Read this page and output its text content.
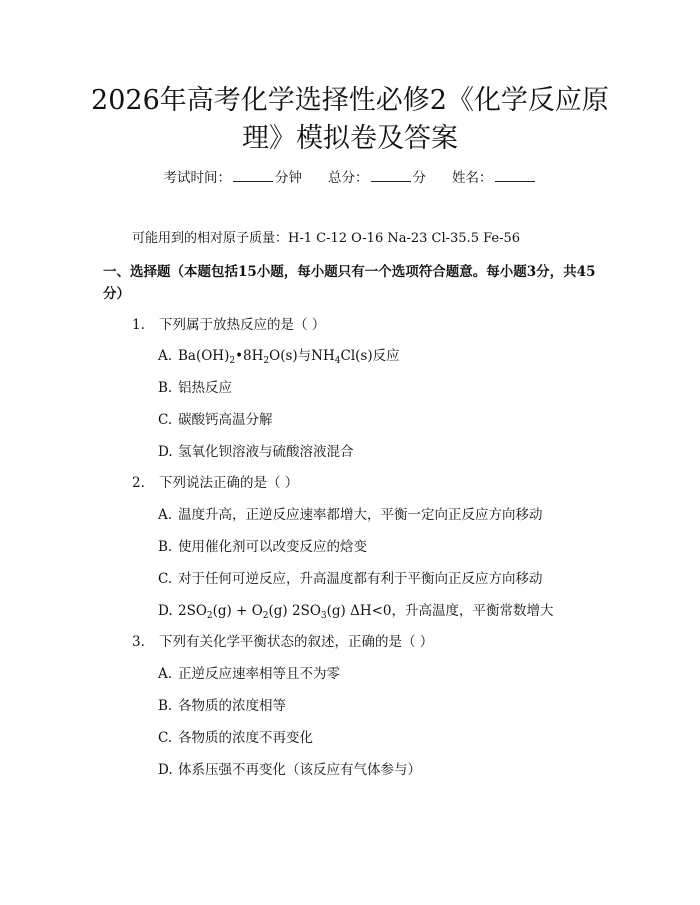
2026年高考化学选择性必修2《化学反应原
理》模拟卷及答案
考试时间：	分钟 总分：	分 姓名：
可能用到的相对原子质量：H-1 C-12 O-16 Na-23 Cl-35.5 Fe-56
一、选择题（本题包括15小题，每小题只有一个选项符合题意。每小题3分，共45分）
1. 下列属于放热反应的是（ ）
A. $Ba(OH)_2•8H_2O(s)$与$NH_4Cl(s)$反应
B. 铝热反应
C. 碳酸钙高温分解
D. 氢氧化钡溶液与硫酸溶液混合
2. 下列说法正确的是（ ）
A. 温度升高，正逆反应速率都增大，平衡一定向正反应方向移动
B. 使用催化剂可以改变反应的焓变
C. 对于任何可逆反应，升高温度都有利于平衡向正反应方向移动
D. $2SO_2(g) + O_2(g)$ $2SO_3(g)$ ΔH<0，升高温度，平衡常数增大
3. 下列有关化学平衡状态的叙述，正确的是（ ）
A. 正逆反应速率相等且不为零
B. 各物质的浓度相等
C. 各物质的浓度不再变化
D. 体系压强不再变化（该反应有气体参与）
